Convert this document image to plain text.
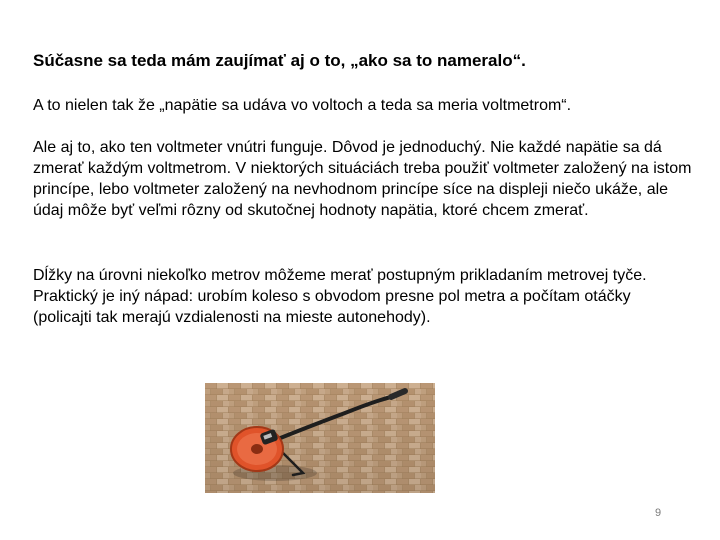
Súčasne sa teda mám zaujímať aj o to, „ako sa to nameralo“.

A to nielen tak že „napätie sa udáva vo voltoch a teda sa meria voltmetrom“.

Ale aj to, ako ten voltmeter vnútri funguje. Dôvod je jednoduchý. Nie každé napätie sa dá zmerať každým voltmetrom. V niektorých situáciách treba použiť voltmeter založený na istom princípe, lebo voltmeter založený na nevhodnom princípe síce na displeji niečo ukáže, ale údaj môže byť veľmi rôzny od skutočnej hodnoty napätia, ktoré chcem zmerať.

Dĺžky na úrovni niekoľko metrov môžeme merať postupným prikladaním metrovej tyče.
Praktický je iný nápad: urobím koleso s obvodom presne pol metra a počítam otáčky (policajti tak merajú vzdialenosti na mieste autonehody).
9
